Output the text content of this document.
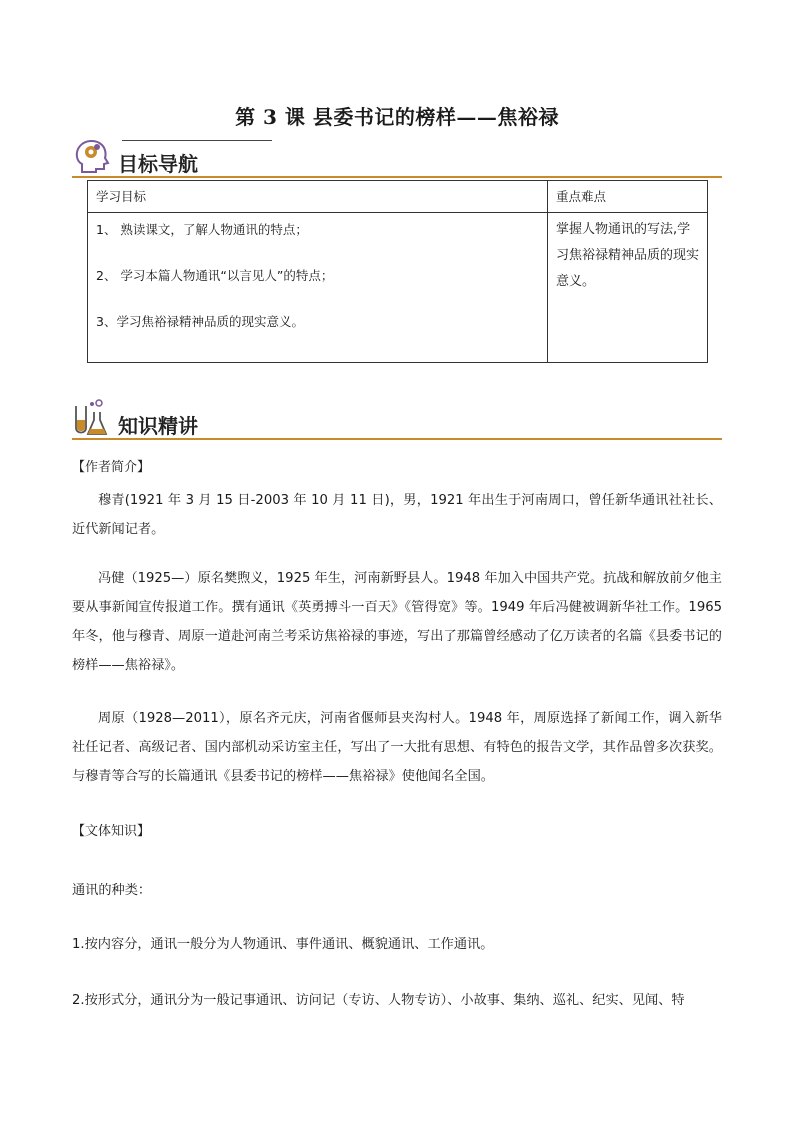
第 3 课 县委书记的榜样——焦裕禄
目标导航
学习目标	重点难点

1、 熟读课文，了解人物通讯的特点；
2、 学习本篇人物通讯“以言见人”的特点；
3、学习焦裕禄精神品质的现实意义。	掌握人物通讯的写法,学习焦裕禄精神品质的现实意义。
知识精讲
【作者简介】
穆青(1921 年 3 月 15 日-2003 年 10 月 11 日)，男，1921 年出生于河南周口，曾任新华通讯社社长、近代新闻记者。
冯健（1925—）原名樊煦义，1925 年生，河南新野县人。1948 年加入中国共产党。抗战和解放前夕他主要从事新闻宣传报道工作。撰有通讯《英勇搏斗一百天》《管得宽》等。1949 年后冯健被调新华社工作。1965 年冬，他与穆青、周原一道赴河南兰考采访焦裕禄的事迹，写出了那篇曾经感动了亿万读者的名篇《县委书记的榜样——焦裕禄》。
周原（1928—2011），原名齐元庆，河南省偃师县夹沟村人。1948 年，周原选择了新闻工作，调入新华社任记者、高级记者、国内部机动采访室主任，写出了一大批有思想、有特色的报告文学，其作品曾多次获奖。与穆青等合写的长篇通讯《县委书记的榜样——焦裕禄》使他闻名全国。
【文体知识】
通讯的种类：
1.按内容分，通讯一般分为人物通讯、事件通讯、概貌通讯、工作通讯。
2.按形式分，通讯分为一般记事通讯、访问记（专访、人物专访）、小故事、集纳、巡礼、纪实、见闻、特
